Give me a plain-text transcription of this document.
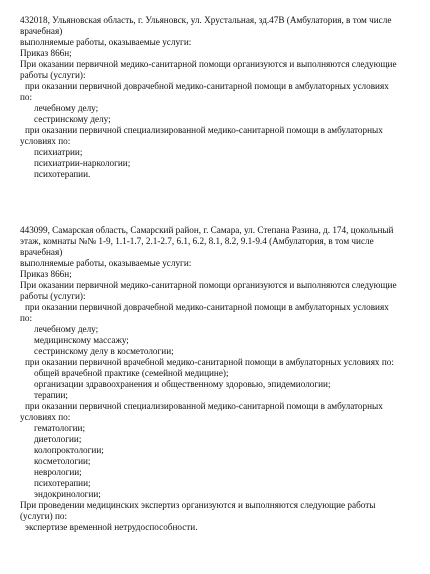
432018, Ульяновская область, г. Ульяновск, ул. Хрустальная, зд.47В (Амбулатория, в том числе
врачебная)
выполняемые работы, оказываемые услуги:
Приказ 866н;
При оказании первичной медико-санитарной помощи организуются и выполняются следующие
работы (услуги):
при оказании первичной доврачебной медико-санитарной помощи в амбулаторных условиях
по:
лечебному делу;
сестринскому делу;
при оказании первичной специализированной медико-санитарной помощи в амбулаторных
условиях по:
психиатрии;
психиатрии-наркологии;
психотерапии.
443099, Самарская область, Самарский район, г. Самара, ул. Степана Разина, д. 174, цокольный
этаж, комнаты №№ 1-9, 1.1-1.7, 2.1-2.7, 6.1, 6.2, 8.1, 8.2, 9.1-9.4 (Амбулатория, в том числе
врачебная)
выполняемые работы, оказываемые услуги:
Приказ 866н;
При оказании первичной медико-санитарной помощи организуются и выполняются следующие
работы (услуги):
при оказании первичной доврачебной медико-санитарной помощи в амбулаторных условиях
по:
лечебному делу;
медицинскому массажу;
сестринскому делу в косметологии;
при оказании первичной врачебной медико-санитарной помощи в амбулаторных условиях по:
общей врачебной практике (семейной медицине);
организации здравоохранения и общественному здоровью, эпидемиологии;
терапии;
при оказании первичной специализированной медико-санитарной помощи в амбулаторных
условиях по:
гематологии;
диетологии;
колопроктологии;
косметологии;
неврологии;
психотерапии;
эндокринологии;
При проведении медицинских экспертиз организуются и выполняются следующие работы
(услуги) по:
экспертизе временной нетрудоспособности.
